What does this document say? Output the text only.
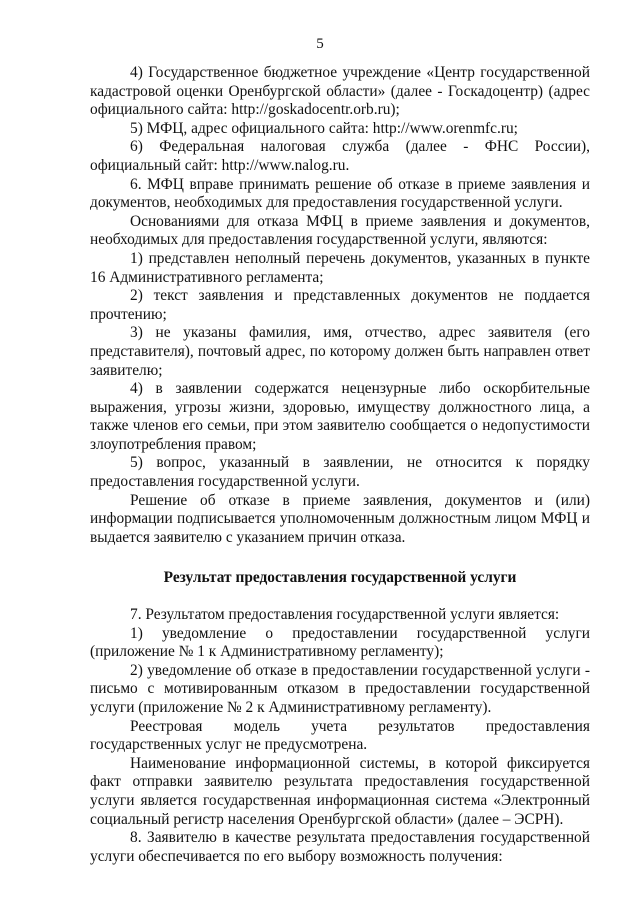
5

4) Государственное бюджетное учреждение «Центр государственной кадастровой оценки Оренбургской области» (далее - Госкадоцентр) (адрес официального сайта: http://goskadocentr.orb.ru);

5) МФЦ, адрес официального сайта: http://www.orenmfc.ru;

6) Федеральная налоговая служба (далее - ФНС России), официальный сайт: http://www.nalog.ru.

6. МФЦ вправе принимать решение об отказе в приеме заявления и документов, необходимых для предоставления государственной услуги.

Основаниями для отказа МФЦ в приеме заявления и документов, необходимых для предоставления государственной услуги, являются:

1) представлен неполный перечень документов, указанных в пункте 16 Административного регламента;

2) текст заявления и представленных документов не поддается прочтению;

3) не указаны фамилия, имя, отчество, адрес заявителя (его представителя), почтовый адрес, по которому должен быть направлен ответ заявителю;

4) в заявлении содержатся нецензурные либо оскорбительные выражения, угрозы жизни, здоровью, имуществу должностного лица, а также членов его семьи, при этом заявителю сообщается о недопустимости злоупотребления правом;

5) вопрос, указанный в заявлении, не относится к порядку предоставления государственной услуги.

Решение об отказе в приеме заявления, документов и (или) информации подписывается уполномоченным должностным лицом МФЦ и выдается заявителю с указанием причин отказа.

Результат предоставления государственной услуги

7. Результатом предоставления государственной услуги является:

1) уведомление о предоставлении государственной услуги (приложение № 1 к Административному регламенту);

2) уведомление об отказе в предоставлении государственной услуги - письмо с мотивированным отказом в предоставлении государственной услуги (приложение № 2 к Административному регламенту).

Реестровая модель учета результатов предоставления государственных услуг не предусмотрена.

Наименование информационной системы, в которой фиксируется факт отправки заявителю результата предоставления государственной услуги является государственная информационная система «Электронный социальный регистр населения Оренбургской области» (далее – ЭСРН).

8. Заявителю в качестве результата предоставления государственной услуги обеспечивается по его выбору возможность получения:
